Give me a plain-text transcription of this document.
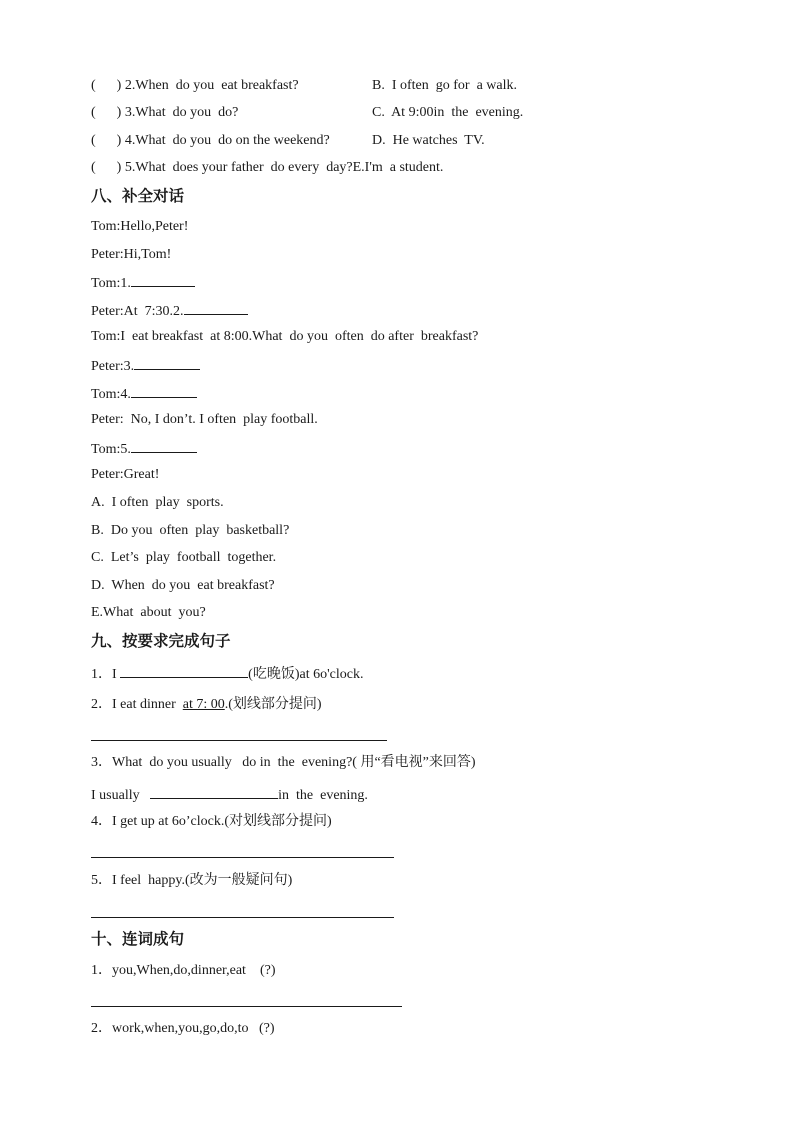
(      ) 2.When  do you  eat breakfast?

	B.  I often  go for  a walk.

(      ) 3.What  do you  do?

	C.  At 9:00in  the  evening.

(      ) 4.What  do you  do on the weekend?

	D.  He watches  TV.

(      ) 5.What  does your father  do every  day?E.I'm  a student.

八、补全对话
Tom:Hello,Peter!
Peter:Hi,Tom!
Tom:1.
Peter:At  7:30.2.
Tom:I  eat breakfast  at 8:00.What  do you  often  do after  breakfast?
Peter:3.
Tom:4.
Peter:  No, I don’t. I often  play football.
Tom:5.
Peter:Great!
A.  I often  play  sports.
B.  Do you  often  play  basketball?
C.  Let’s  play  football  together.
D.  When  do you  eat breakfast?
E.What  about  you?
九、按要求完成句子
1．I	(吃晚饭)at 6o'clock.
2．I eat dinner  at 7: 00.(划线部分提问)
3．What  do you usually   do in  the  evening?( 用“看电视”来回答)
I usually	in  the  evening.
4．I get up at 6o’clock.(对划线部分提问)
5．I feel  happy.(改为一般疑问句)
十、连词成句
1．you,When,do,dinner,eat    (?)
2．work,when,you,go,do,to   (?)
